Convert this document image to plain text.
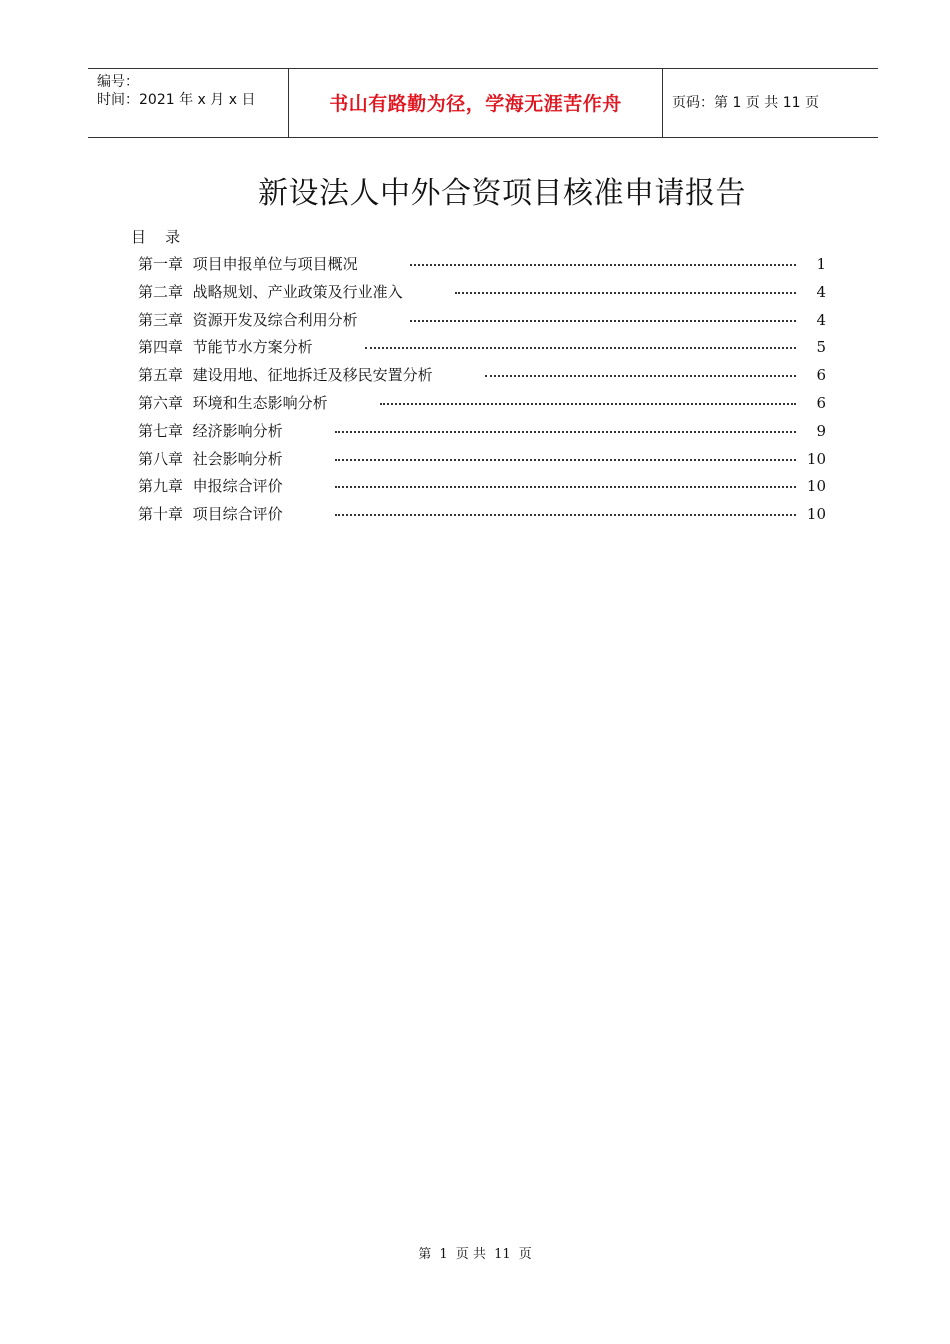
编号：
时间：2021 年 x 月 x 日	书山有路勤为径，学海无涯苦作舟	页码：第 1 页 共 11 页
新设法人中外合资项目核准申请报告
目    录
第一章 项目申报单位与项目概况	1
第二章 战略规划、产业政策及行业准入	4
第三章 资源开发及综合利用分析	4
第四章 节能节水方案分析	5
第五章 建设用地、征地拆迁及移民安置分析	6
第六章 环境和生态影响分析	6
第七章 经济影响分析	9
第八章 社会影响分析	10
第九章 申报综合评价	10
第十章 项目综合评价	10
第 1 页 共 11 页
